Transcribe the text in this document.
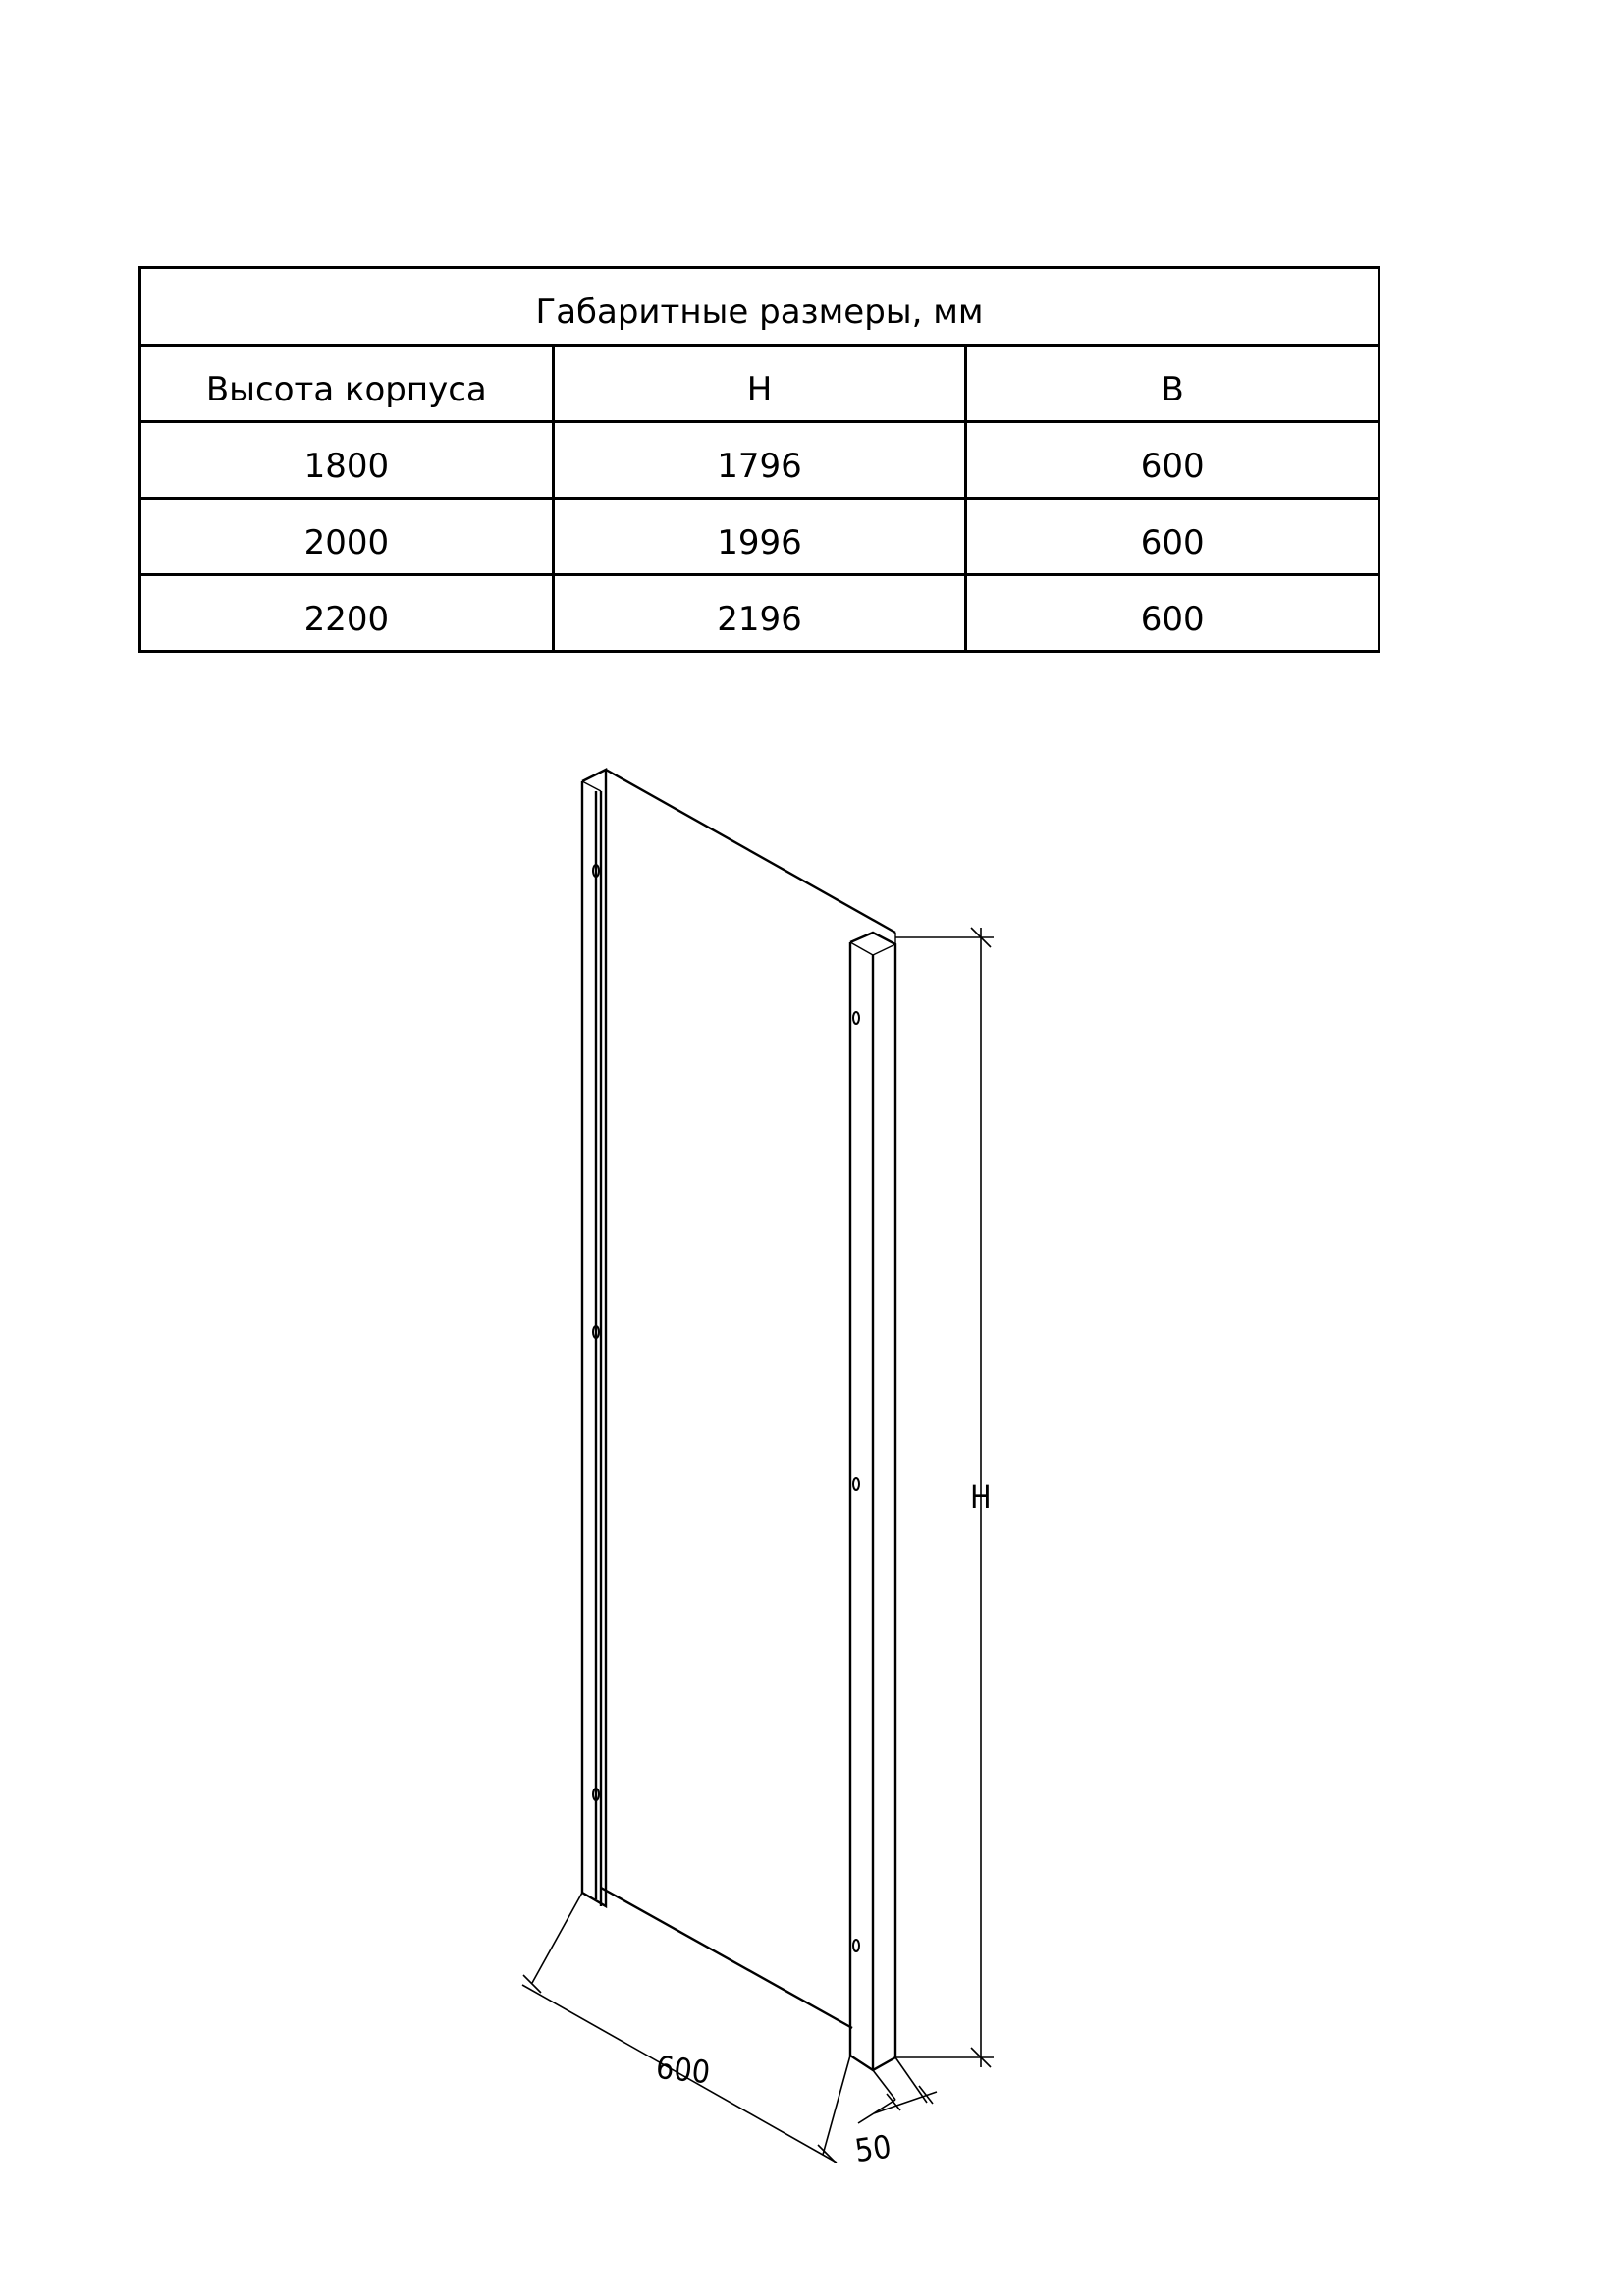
Габаритные размеры, мм		
Высота корпуса	H	B
1800	1796	600
2000	1996	600
2200	2196	600
H
600
50
